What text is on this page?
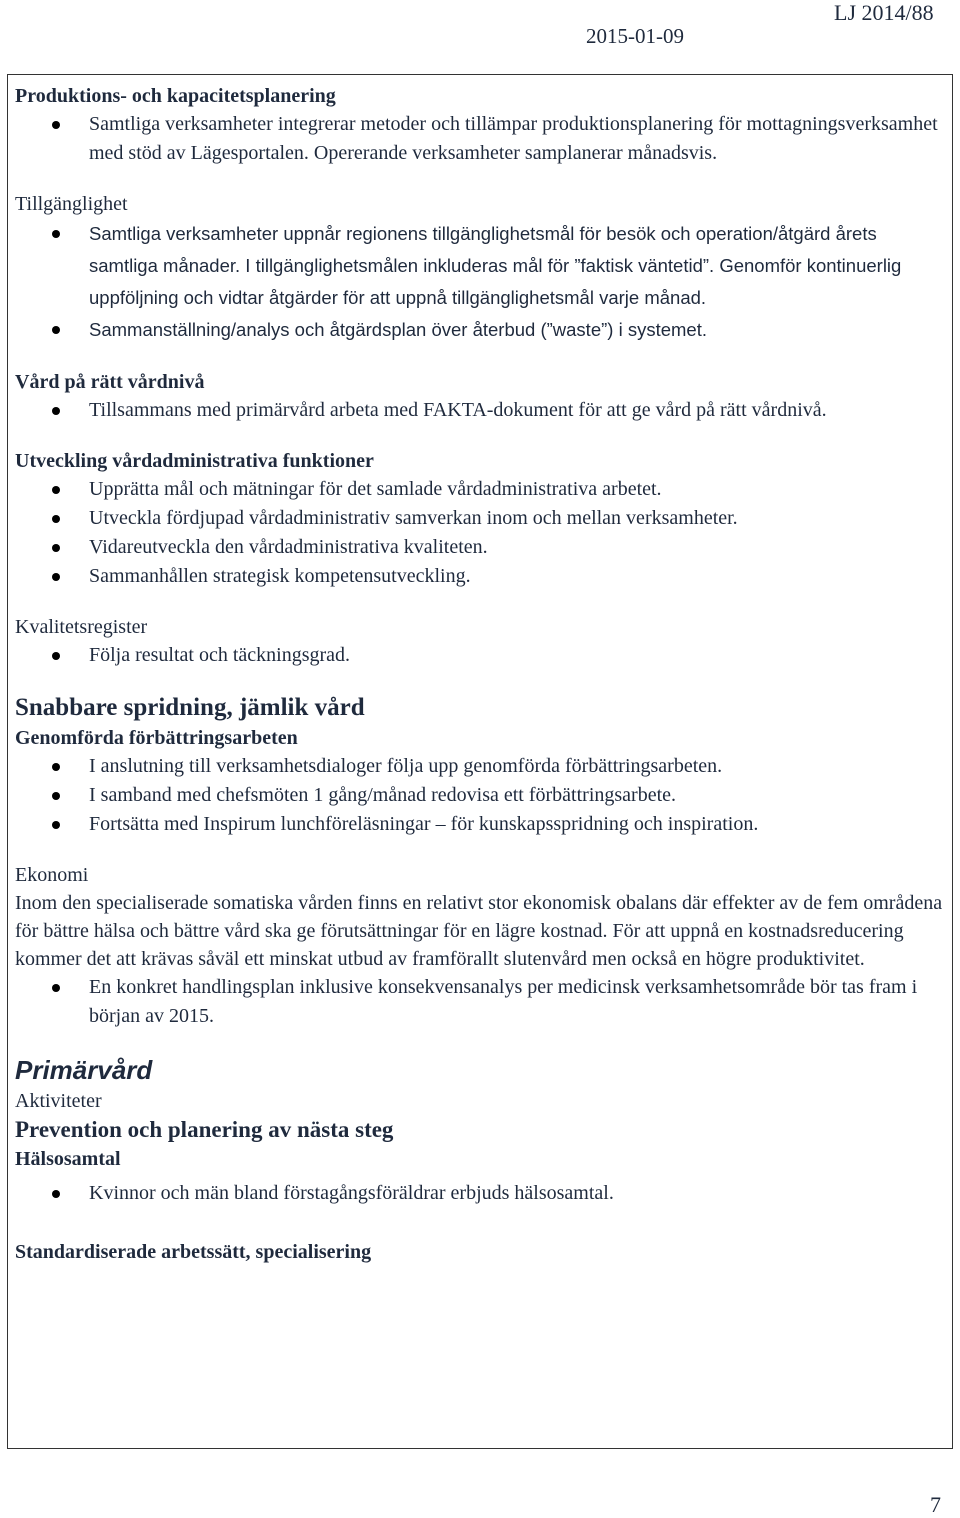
2015-01-09
LJ 2014/88

Produktions- och kapacitetsplanering

Samtliga verksamheter integrerar metoder och tillämpar produktionsplanering för mottagningsverksamhet med stöd av Lägesportalen. Opererande verksamheter samplanerar månadsvis.

Tillgänglighet

Samtliga verksamheter uppnår regionens tillgänglighetsmål för besök och operation/åtgärd årets samtliga månader. I tillgänglighetsmålen inkluderas mål för ”faktisk väntetid”. Genomför kontinuerlig uppföljning och vidtar åtgärder för att uppnå tillgänglighetsmål varje månad.
Sammanställning/analys och åtgärdsplan över återbud (”waste”) i systemet.

Vård på rätt vårdnivå

Tillsammans med primärvård arbeta med FAKTA-dokument för att ge vård på rätt vårdnivå.

Utveckling vårdadministrativa funktioner

Upprätta mål och mätningar för det samlade vårdadministrativa arbetet.
Utveckla fördjupad vårdadministrativ samverkan inom och mellan verksamheter.
Vidareutveckla den vårdadministrativa kvaliteten.
Sammanhållen strategisk kompetensutveckling.

Kvalitetsregister

Följa resultat och täckningsgrad.

Snabbare spridning, jämlik vård

Genomförda förbättringsarbeten

I anslutning till verksamhetsdialoger följa upp genomförda förbättringsarbeten.
I samband med chefsmöten 1 gång/månad redovisa ett förbättringsarbete.
Fortsätta med Inspirum lunchföreläsningar – för kunskapsspridning och inspiration.

Ekonomi

Inom den specialiserade somatiska vården finns en relativt stor ekonomisk obalans där effekter av de fem områdena för bättre hälsa och bättre vård ska ge förutsättningar för en lägre kostnad. För att uppnå en kostnadsreducering kommer det att krävas såväl ett minskat utbud av framförallt slutenvård men också en högre produktivitet.

En konkret handlingsplan inklusive konsekvensanalys per medicinsk verksamhetsområde bör tas fram i början av 2015.

Primärvård

Aktiviteter

Prevention och planering av nästa steg

Hälsosamtal

Kvinnor och män bland förstagångsföräldrar erbjuds hälsosamtal.

Standardiserade arbetssätt, specialisering

7
